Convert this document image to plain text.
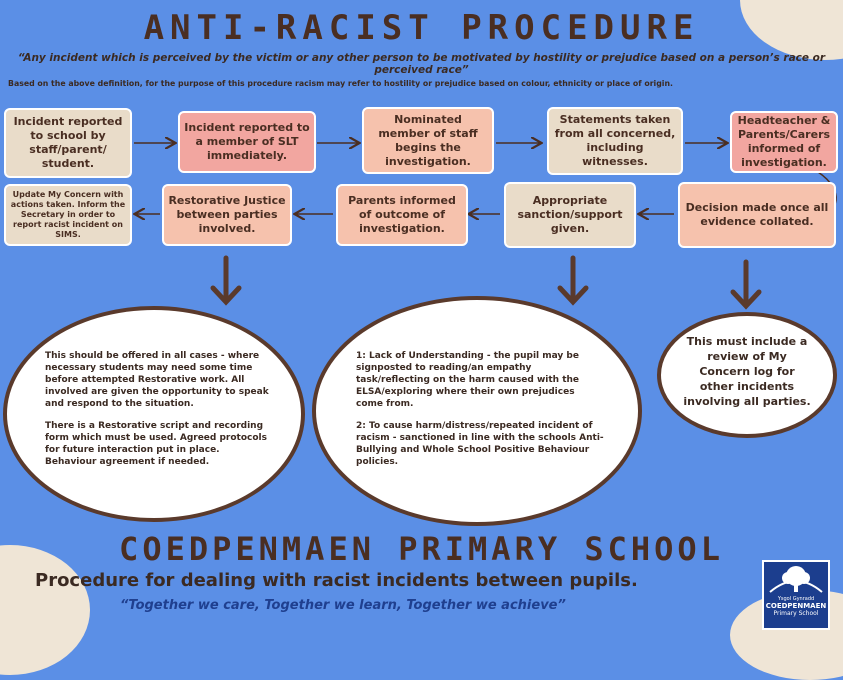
ANTI-RACIST PROCEDURE
“Any incident which is perceived by the victim or any other person to be motivated by hostility or prejudice based on a person’s race or perceived race”
Based on the above definition, for the purpose of this procedure racism may refer to hostility or prejudice based on colour, ethnicity or place of origin.
Incident reported to school by staff/parent/ student.
Incident reported to a member of SLT immediately.
Nominated member of staff begins the investigation.
Statements taken from all concerned, including witnesses.
Headteacher & Parents/Carers informed of investigation.
Decision made once all evidence collated.
Appropriate sanction/support given.
Parents informed of outcome of investigation.
Restorative Justice between parties involved.
Update My Concern with actions taken. Inform the Secretary in order to report racist incident on SIMS.
This should be offered in all cases - where necessary students may need some time before attempted Restorative work. All involved are given the opportunity to speak and respond to the situation.
There is a Restorative script and recording form which must be used. Agreed protocols for future interaction put in place. Behaviour agreement if needed.
1: Lack of Understanding - the pupil may be signposted to reading/an empathy task/reflecting on the harm caused with the ELSA/exploring where their own prejudices come from.
2: To cause harm/distress/repeated incident of racism - sanctioned in line with the schools Anti-Bullying and Whole School Positive Behaviour policies.
This must include a review of My Concern log for other incidents involving all parties.
COEDPENMAEN PRIMARY SCHOOL
Procedure for dealing with racist incidents between pupils.
“Together we care, Together we learn, Together we achieve”	Ysgol Gynradd
COEDPENMAEN
Primary School
